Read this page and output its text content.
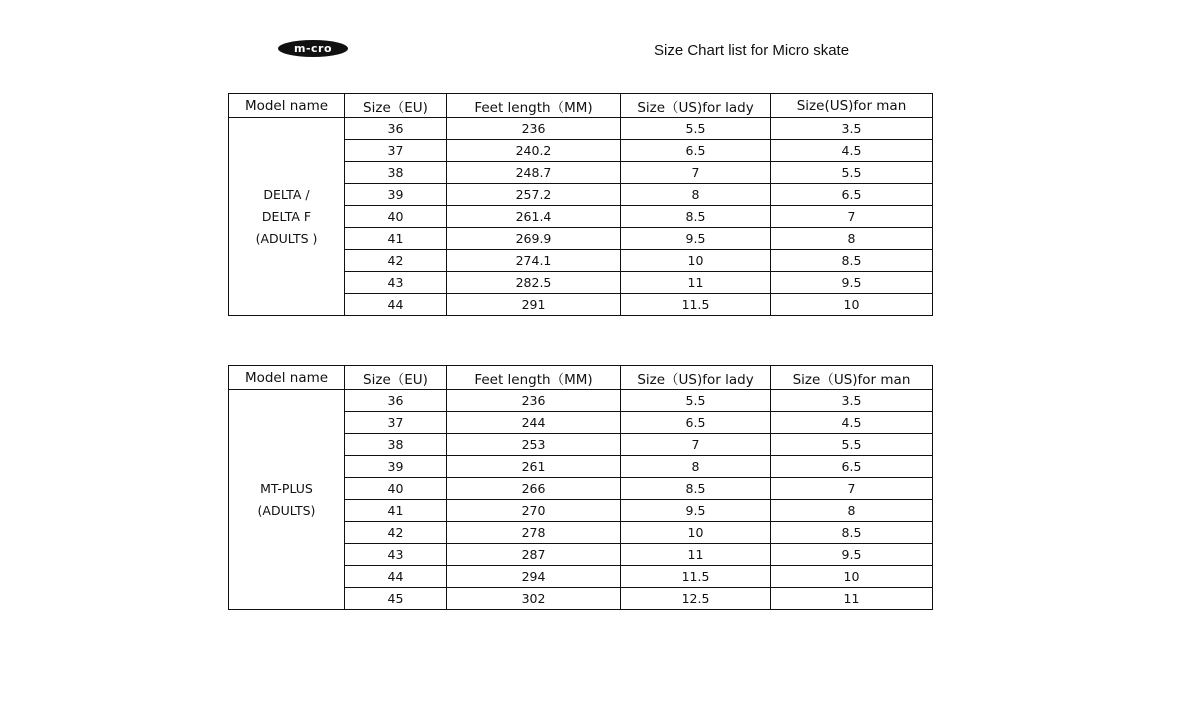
m-cro	Size Chart list for Micro skate
Model name	Size（EU)	Feet length（MM)	Size（US)for lady	Size(US)for man

DELTA /
DELTA F
(ADULTS )	36	236	5.5	3.5
	37	240.2	6.5	4.5
	38	248.7	7	5.5
	39	257.2	8	6.5
	40	261.4	8.5	7
	41	269.9	9.5	8
	42	274.1	10	8.5
	43	282.5	11	9.5
	44	291	11.5	10
Model name	Size（EU)	Feet length（MM)	Size（US)for lady	Size（US)for man

MT-PLUS
(ADULTS)	36	236	5.5	3.5
	37	244	6.5	4.5
	38	253	7	5.5
	39	261	8	6.5
	40	266	8.5	7
	41	270	9.5	8
	42	278	10	8.5
	43	287	11	9.5
	44	294	11.5	10
	45	302	12.5	11
